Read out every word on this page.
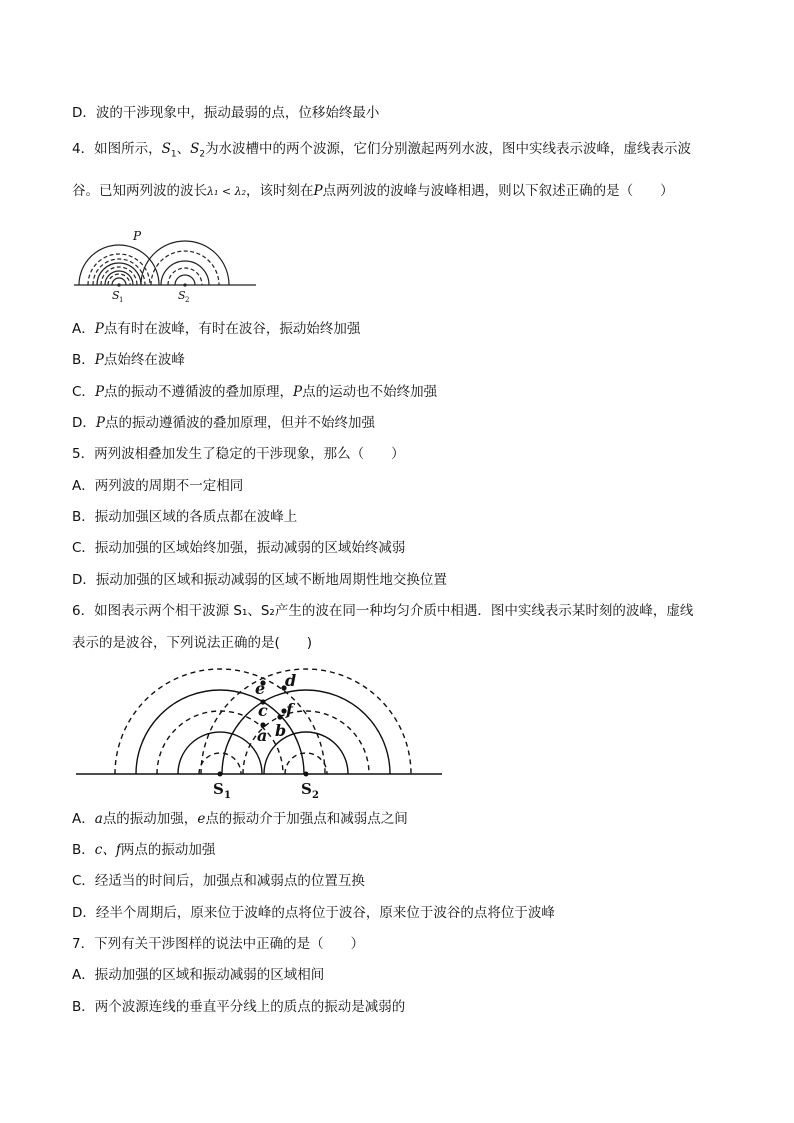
D．波的干涉现象中，振动最弱的点，位移始终最小
4．如图所示，$S_1$、$S_2$为水波槽中的两个波源，它们分别激起两列水波，图中实线表示波峰，虚线表示波
谷。已知两列波的波长λ₁ < λ₂，该时刻在P点两列波的波峰与波峰相遇，则以下叙述正确的是（　　）
P
S 1	S 2
A．P点有时在波峰，有时在波谷，振动始终加强
B．P点始终在波峰
C．P点的振动不遵循波的叠加原理，P点的运动也不始终加强
D．P点的振动遵循波的叠加原理，但并不始终加强
5．两列波相叠加发生了稳定的干涉现象，那么（　　）
A．两列波的周期不一定相同
B．振动加强区域的各质点都在波峰上
C．振动加强的区域始终加强，振动减弱的区域始终减弱
D．振动加强的区域和振动减弱的区域不断地周期性地交换位置
6．如图表示两个相干波源 S₁、S₂产生的波在同一种均匀介质中相遇．图中实线表示某时刻的波峰，虚线
表示的是波谷，下列说法正确的是(　　)
e d
c f
a b
S 1	S 2
A．a点的振动加强，e点的振动介于加强点和减弱点之间
B．c、f两点的振动加强
C．经适当的时间后，加强点和减弱点的位置互换
D．经半个周期后，原来位于波峰的点将位于波谷，原来位于波谷的点将位于波峰
7．下列有关干涉图样的说法中正确的是（　　）
A．振动加强的区域和振动减弱的区域相间
B．两个波源连线的垂直平分线上的质点的振动是减弱的
